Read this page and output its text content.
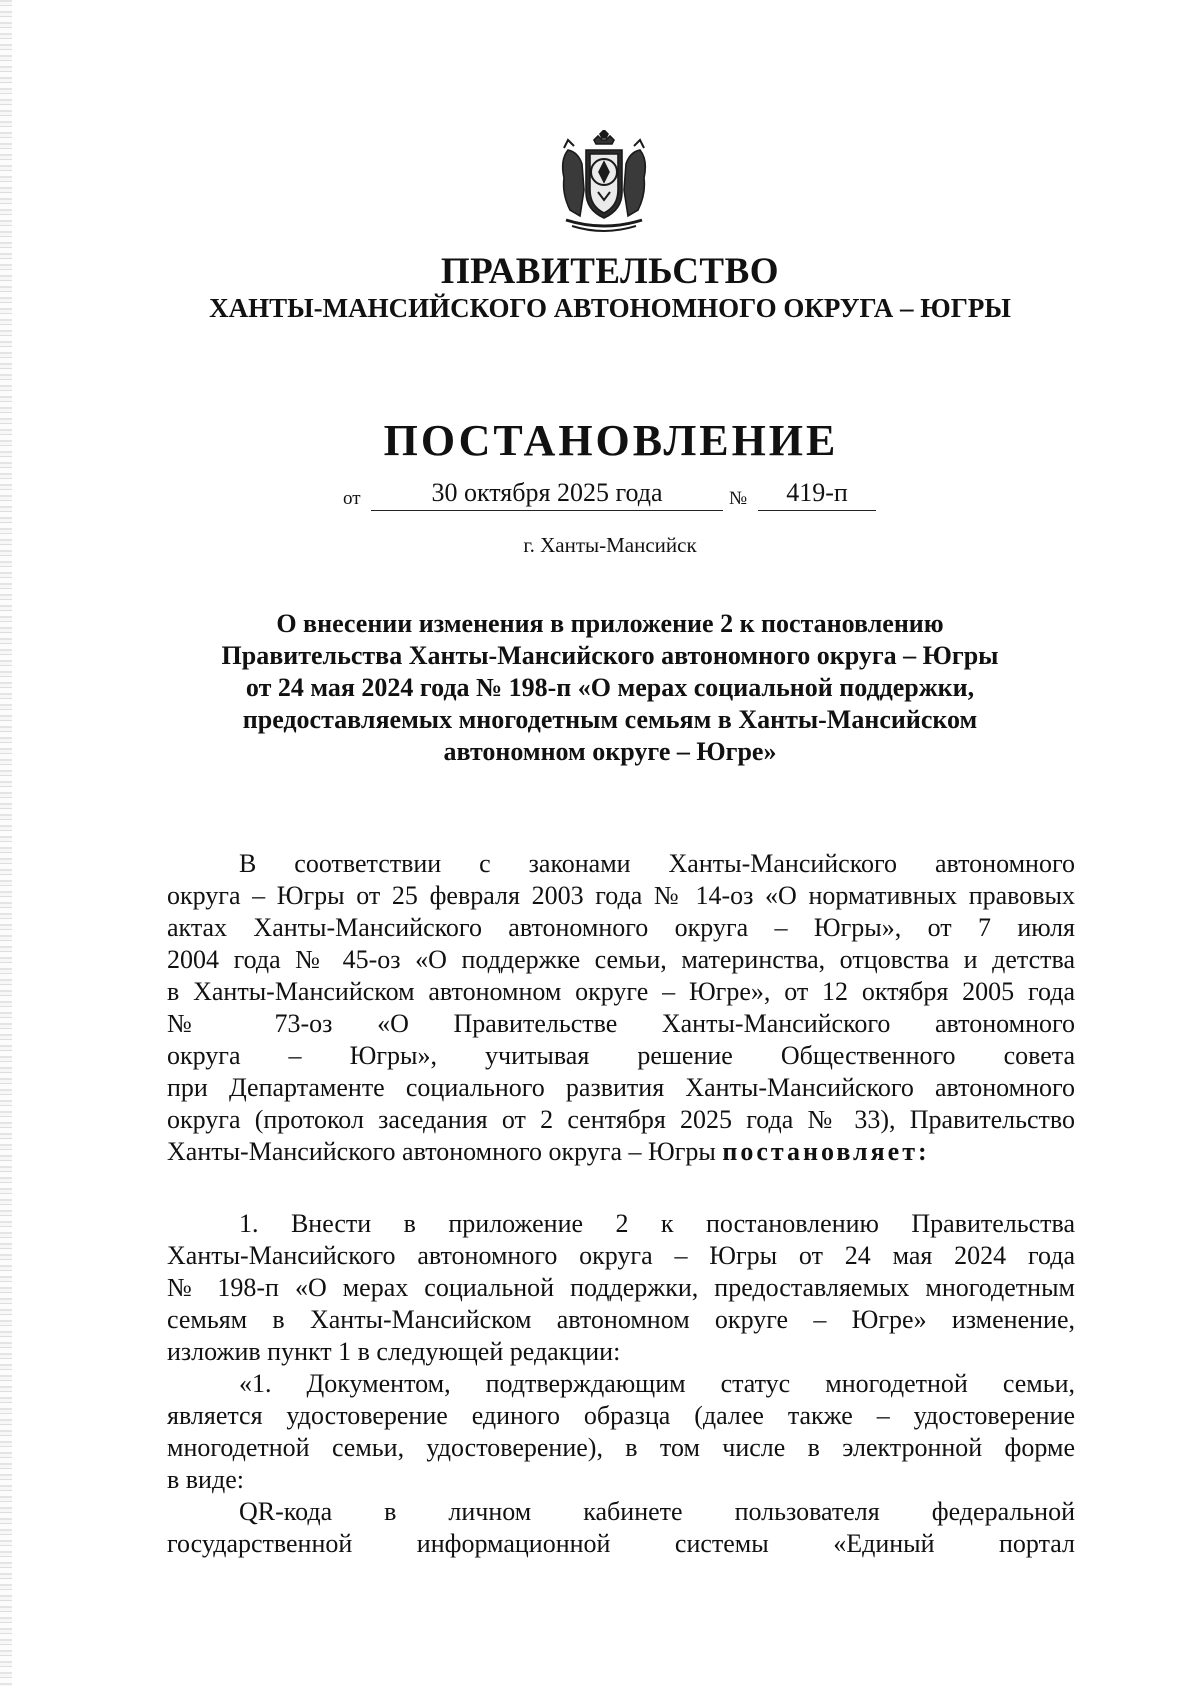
ПРАВИТЕЛЬСТВО
ХАНТЫ-МАНСИЙСКОГО АВТОНОМНОГО ОКРУГА – ЮГРЫ
ПОСТАНОВЛЕНИЕ
от	30 октября 2025 года	№	419-п
г. Ханты-Мансийск
О внесении изменения в приложение 2 к постановлению
Правительства Ханты-Мансийского автономного округа – Югры
от 24 мая 2024 года № 198-п «О мерах социальной поддержки,
предоставляемых многодетным семьям в Ханты-Мансийском
автономном округе – Югре»
В соответствии с законами Ханты-Мансийского автономного
округа – Югры от 25 февраля 2003 года № 14-оз «О нормативных правовых
актах Ханты-Мансийского автономного округа – Югры», от 7 июля
2004 года № 45-оз «О поддержке семьи, материнства, отцовства и детства
в Ханты-Мансийском автономном округе – Югре», от 12 октября 2005 года
№ 73-оз «О Правительстве Ханты-Мансийского автономного
округа – Югры», учитывая решение Общественного совета
при Департаменте социального развития Ханты-Мансийского автономного
округа (протокол заседания от 2 сентября 2025 года № 33), Правительство
Ханты-Мансийского автономного округа – Югры постановляет:
1. Внести в приложение 2 к постановлению Правительства
Ханты-Мансийского автономного округа – Югры от 24 мая 2024 года
№ 198-п «О мерах социальной поддержки, предоставляемых многодетным
семьям в Ханты-Мансийском автономном округе – Югре» изменение,
изложив пункт 1 в следующей редакции:
«1. Документом, подтверждающим статус многодетной семьи,
является удостоверение единого образца (далее также – удостоверение
многодетной семьи, удостоверение), в том числе в электронной форме
в виде:
QR-кода в личном кабинете пользователя федеральной
государственной информационной системы «Единый портал
